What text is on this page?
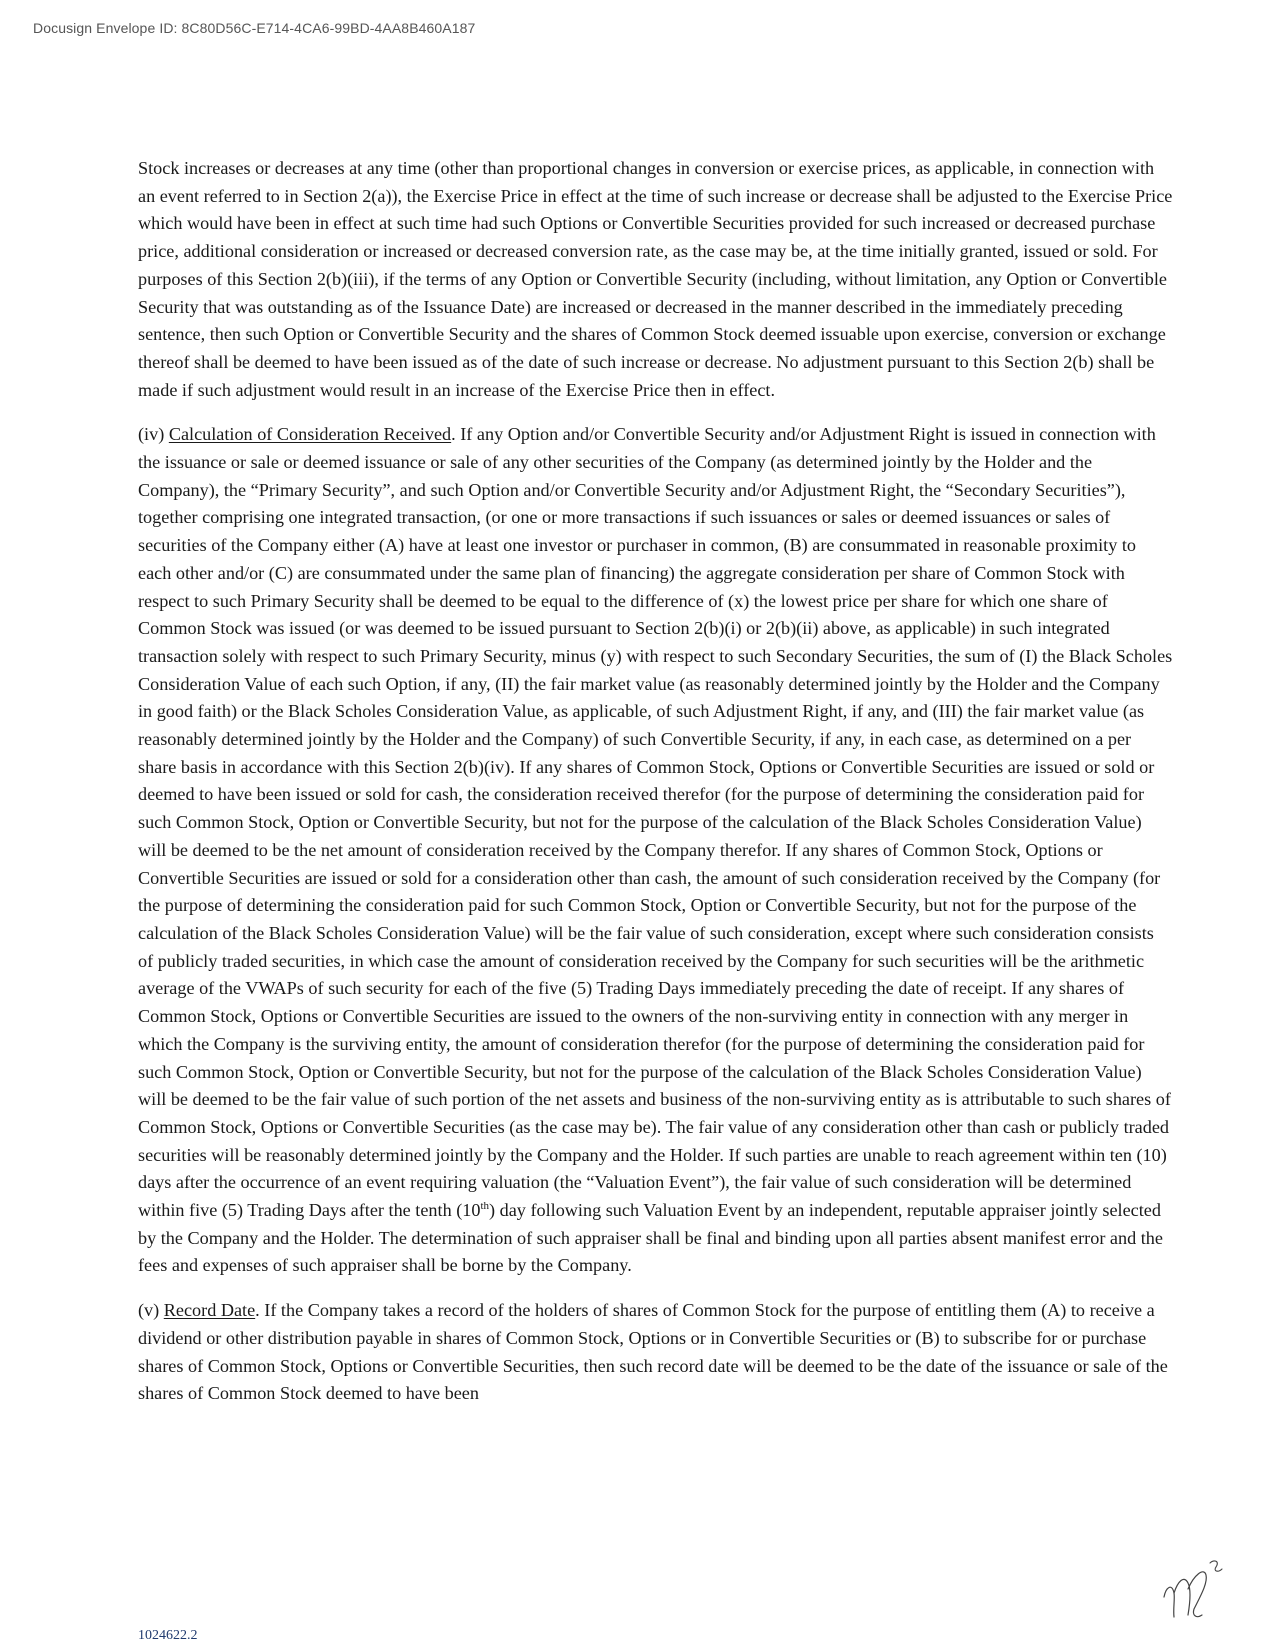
Docusign Envelope ID: 8C80D56C-E714-4CA6-99BD-4AA8B460A187

Stock increases or decreases at any time (other than proportional changes in conversion or exercise prices, as applicable, in connection with an event referred to in Section 2(a)), the Exercise Price in effect at the time of such increase or decrease shall be adjusted to the Exercise Price which would have been in effect at such time had such Options or Convertible Securities provided for such increased or decreased purchase price, additional consideration or increased or decreased conversion rate, as the case may be, at the time initially granted, issued or sold. For purposes of this Section 2(b)(iii), if the terms of any Option or Convertible Security (including, without limitation, any Option or Convertible Security that was outstanding as of the Issuance Date) are increased or decreased in the manner described in the immediately preceding sentence, then such Option or Convertible Security and the shares of Common Stock deemed issuable upon exercise, conversion or exchange thereof shall be deemed to have been issued as of the date of such increase or decrease. No adjustment pursuant to this Section 2(b) shall be made if such adjustment would result in an increase of the Exercise Price then in effect.

(iv) Calculation of Consideration Received. If any Option and/or Convertible Security and/or Adjustment Right is issued in connection with the issuance or sale or deemed issuance or sale of any other securities of the Company (as determined jointly by the Holder and the Company), the “Primary Security”, and such Option and/or Convertible Security and/or Adjustment Right, the “Secondary Securities”), together comprising one integrated transaction, (or one or more transactions if such issuances or sales or deemed issuances or sales of securities of the Company either (A) have at least one investor or purchaser in common, (B) are consummated in reasonable proximity to each other and/or (C) are consummated under the same plan of financing) the aggregate consideration per share of Common Stock with respect to such Primary Security shall be deemed to be equal to the difference of (x) the lowest price per share for which one share of Common Stock was issued (or was deemed to be issued pursuant to Section 2(b)(i) or 2(b)(ii) above, as applicable) in such integrated transaction solely with respect to such Primary Security, minus (y) with respect to such Secondary Securities, the sum of (I) the Black Scholes Consideration Value of each such Option, if any, (II) the fair market value (as reasonably determined jointly by the Holder and the Company in good faith) or the Black Scholes Consideration Value, as applicable, of such Adjustment Right, if any, and (III) the fair market value (as reasonably determined jointly by the Holder and the Company) of such Convertible Security, if any, in each case, as determined on a per share basis in accordance with this Section 2(b)(iv). If any shares of Common Stock, Options or Convertible Securities are issued or sold or deemed to have been issued or sold for cash, the consideration received therefor (for the purpose of determining the consideration paid for such Common Stock, Option or Convertible Security, but not for the purpose of the calculation of the Black Scholes Consideration Value) will be deemed to be the net amount of consideration received by the Company therefor. If any shares of Common Stock, Options or Convertible Securities are issued or sold for a consideration other than cash, the amount of such consideration received by the Company (for the purpose of determining the consideration paid for such Common Stock, Option or Convertible Security, but not for the purpose of the calculation of the Black Scholes Consideration Value) will be the fair value of such consideration, except where such consideration consists of publicly traded securities, in which case the amount of consideration received by the Company for such securities will be the arithmetic average of the VWAPs of such security for each of the five (5) Trading Days immediately preceding the date of receipt. If any shares of Common Stock, Options or Convertible Securities are issued to the owners of the non-surviving entity in connection with any merger in which the Company is the surviving entity, the amount of consideration therefor (for the purpose of determining the consideration paid for such Common Stock, Option or Convertible Security, but not for the purpose of the calculation of the Black Scholes Consideration Value) will be deemed to be the fair value of such portion of the net assets and business of the non-surviving entity as is attributable to such shares of Common Stock, Options or Convertible Securities (as the case may be). The fair value of any consideration other than cash or publicly traded securities will be reasonably determined jointly by the Company and the Holder. If such parties are unable to reach agreement within ten (10) days after the occurrence of an event requiring valuation (the “Valuation Event”), the fair value of such consideration will be determined within five (5) Trading Days after the tenth (10th) day following such Valuation Event by an independent, reputable appraiser jointly selected by the Company and the Holder. The determination of such appraiser shall be final and binding upon all parties absent manifest error and the fees and expenses of such appraiser shall be borne by the Company.

(v) Record Date. If the Company takes a record of the holders of shares of Common Stock for the purpose of entitling them (A) to receive a dividend or other distribution payable in shares of Common Stock, Options or in Convertible Securities or (B) to subscribe for or purchase shares of Common Stock, Options or Convertible Securities, then such record date will be deemed to be the date of the issuance or sale of the shares of Common Stock deemed to have been

1024622.2
